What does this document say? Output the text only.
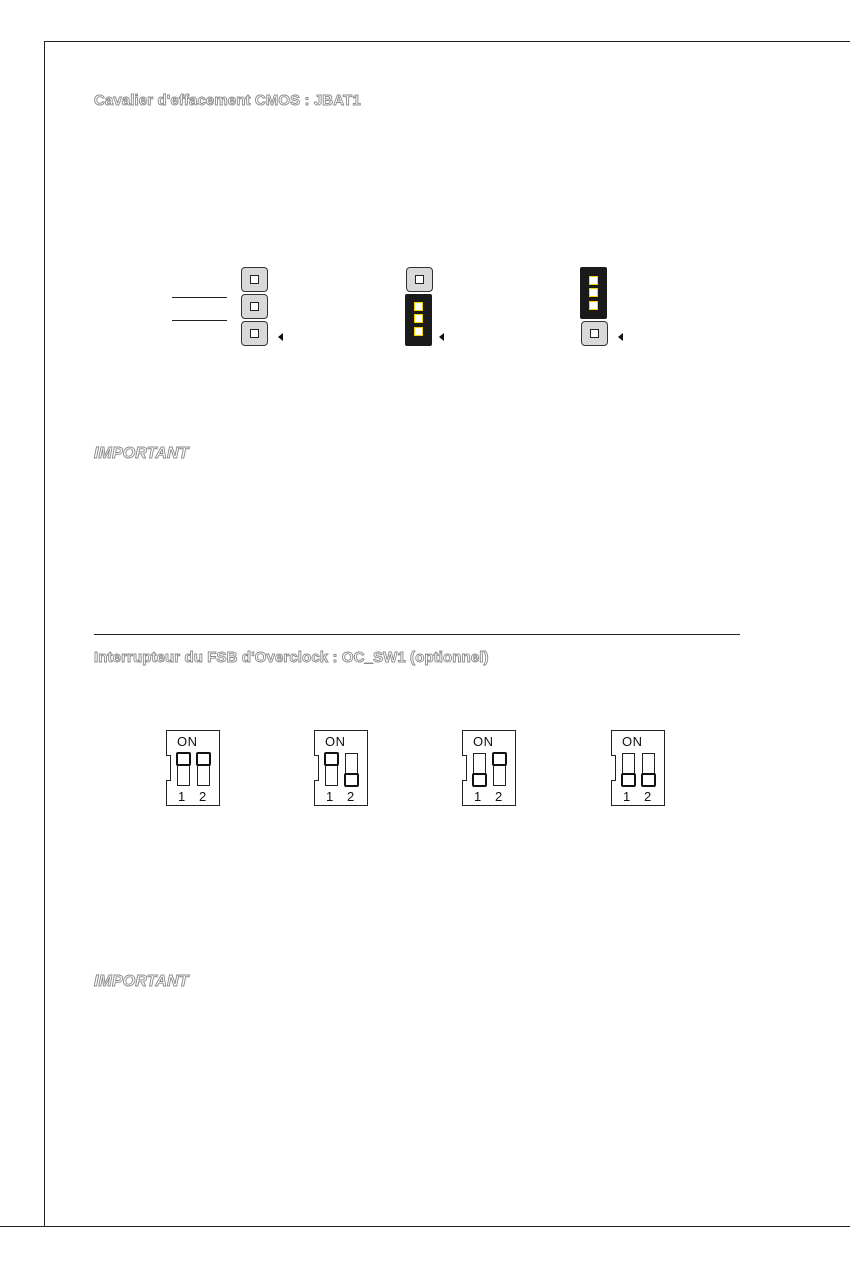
Cavalier d'effacement CMOS : JBAT1
IMPORTANT
Interrupteur du FSB d'Overclock : OC_SW1 (optionnel)
ON
1 2
ON
1 2
ON
1 2
ON
1 2
IMPORTANT
